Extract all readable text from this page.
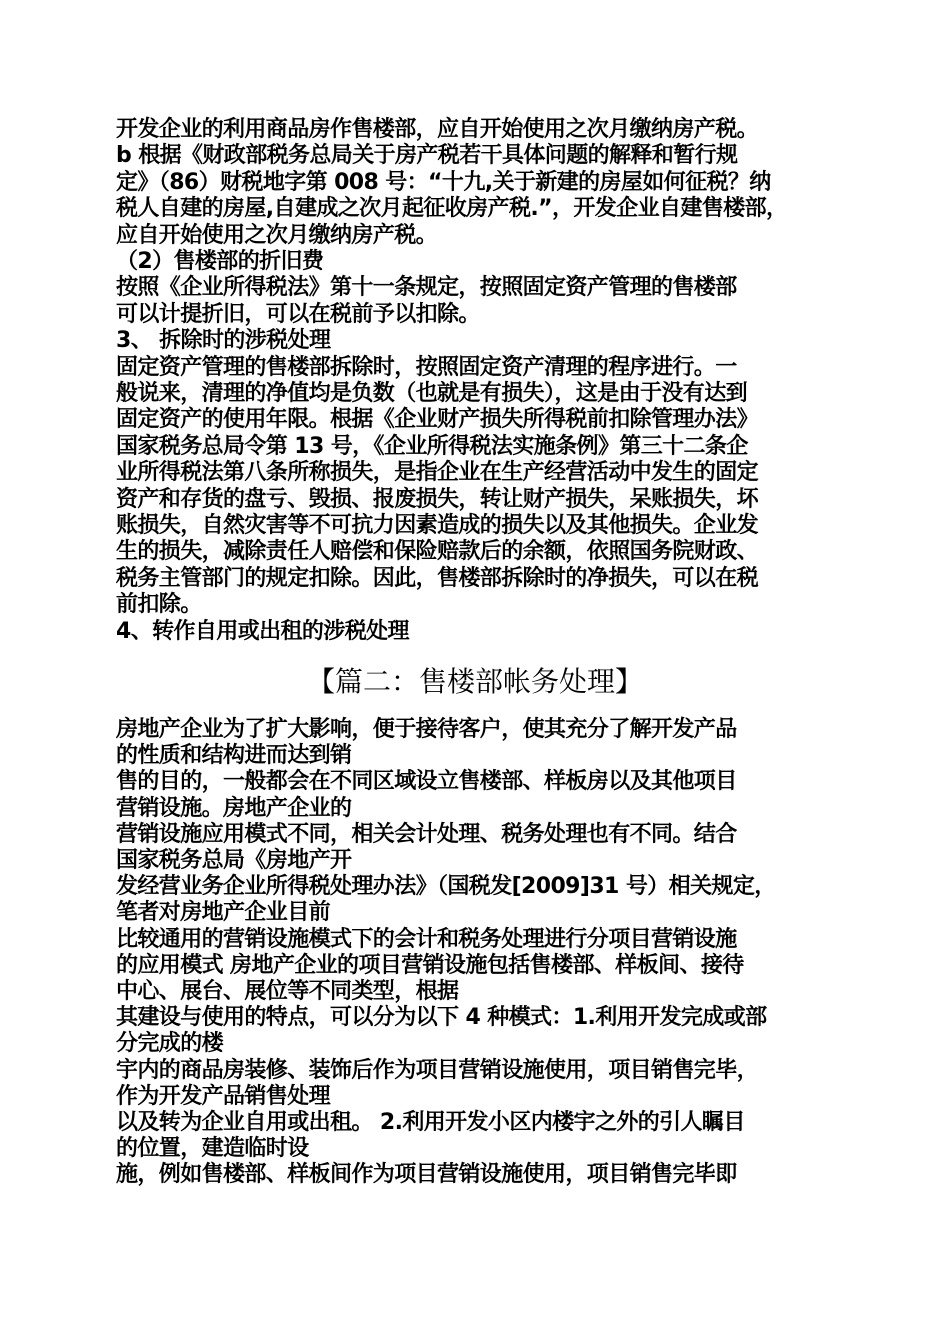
开发企业的利用商品房作售楼部，应自开始使用之次月缴纳房产税。
b 根据《财政部税务总局关于房产税若干具体问题的解释和暂行规
定》（86）财税地字第 008 号：“十九,关于新建的房屋如何征税？纳
税人自建的房屋,自建成之次月起征收房产税.”，开发企业自建售楼部，
应自开始使用之次月缴纳房产税。
（2）售楼部的折旧费
按照《企业所得税法》第十一条规定，按照固定资产管理的售楼部
可以计提折旧，可以在税前予以扣除。
3、 拆除时的涉税处理
固定资产管理的售楼部拆除时，按照固定资产清理的程序进行。一
般说来，清理的净值均是负数（也就是有损失），这是由于没有达到
固定资产的使用年限。根据《企业财产损失所得税前扣除管理办法》
国家税务总局令第 13 号，《企业所得税法实施条例》第三十二条企
业所得税法第八条所称损失，是指企业在生产经营活动中发生的固定
资产和存货的盘亏、毁损、报废损失，转让财产损失，呆账损失，坏
账损失，自然灾害等不可抗力因素造成的损失以及其他损失。企业发
生的损失，减除责任人赔偿和保险赔款后的余额，依照国务院财政、
税务主管部门的规定扣除。因此，售楼部拆除时的净损失，可以在税
前扣除。
4、转作自用或出租的涉税处理
【篇二：售楼部帐务处理】
房地产企业为了扩大影响，便于接待客户，使其充分了解开发产品
的性质和结构进而达到销
售的目的，一般都会在不同区域设立售楼部、样板房以及其他项目
营销设施。房地产企业的
营销设施应用模式不同，相关会计处理、税务处理也有不同。结合
国家税务总局《房地产开
发经营业务企业所得税处理办法》（国税发[2009]31 号）相关规定，
笔者对房地产企业目前
比较通用的营销设施模式下的会计和税务处理进行分项目营销设施
的应用模式 房地产企业的项目营销设施包括售楼部、样板间、接待
中心、展台、展位等不同类型，根据
其建设与使用的特点，可以分为以下 4 种模式：1.利用开发完成或部
分完成的楼
宇内的商品房装修、装饰后作为项目营销设施使用，项目销售完毕，
作为开发产品销售处理
以及转为企业自用或出租。 2.利用开发小区内楼宇之外的引人瞩目
的位置，建造临时设
施，例如售楼部、样板间作为项目营销设施使用，项目销售完毕即
